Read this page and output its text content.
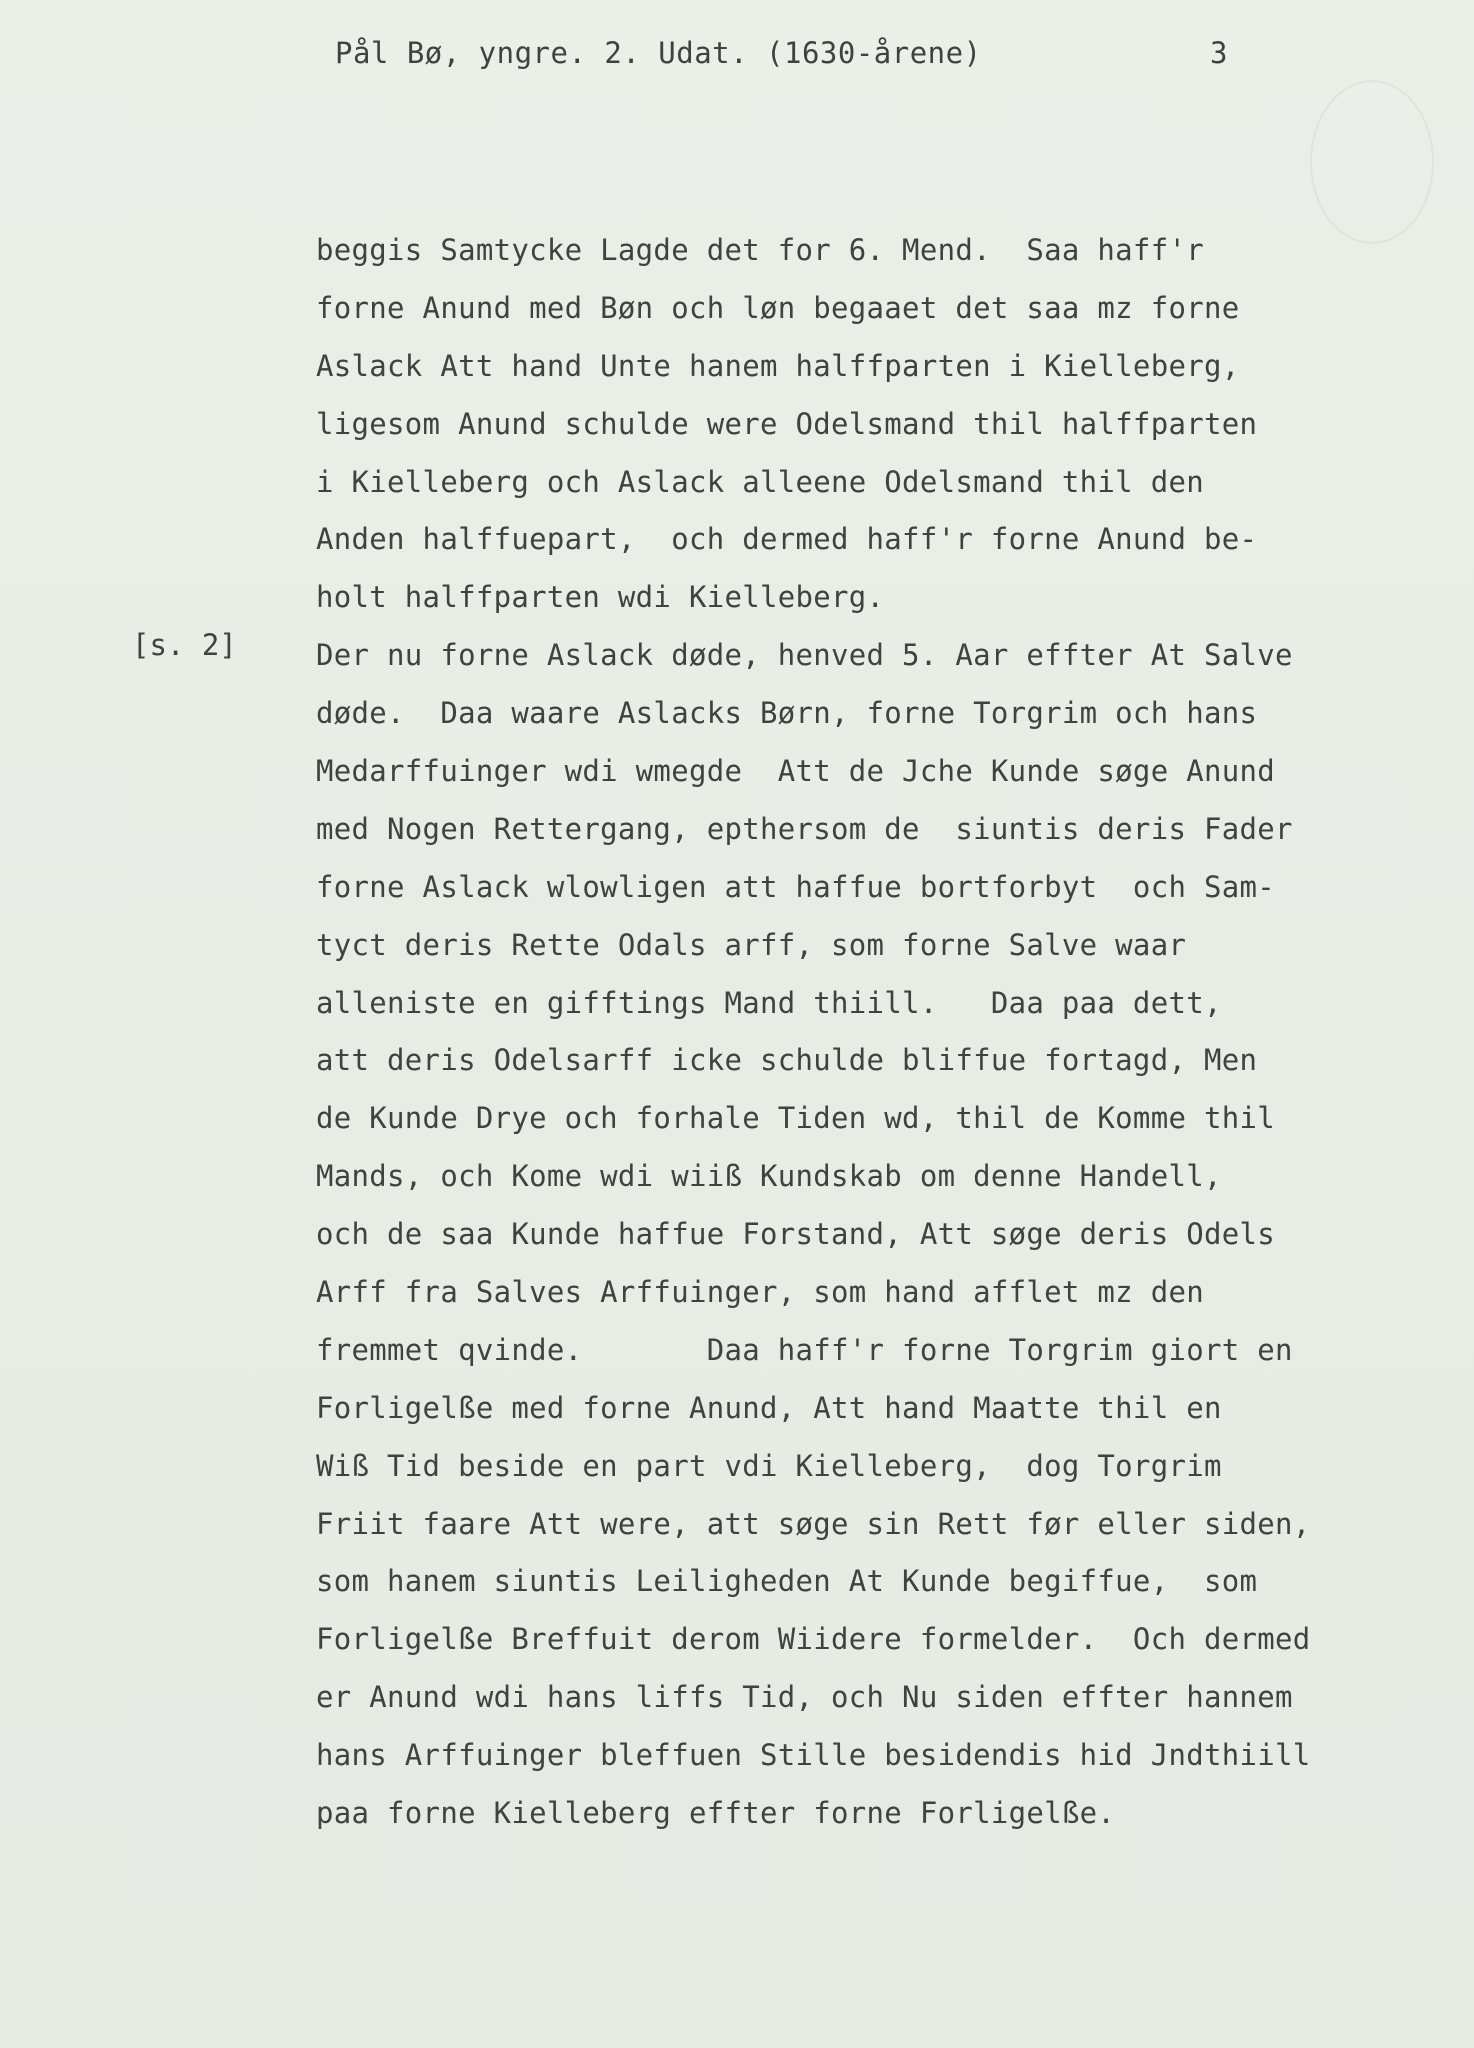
Pål Bø, yngre. 2. Udat. (1630-årene)	3
[s. 2]
beggis Samtycke Lagde det for 6. Mend.  Saa haff'r
forne Anund med Bøn och løn begaaet det saa mz forne
Aslack Att hand Unte hanem halffparten i Kielleberg,
ligesom Anund schulde were Odelsmand thil halffparten
i Kielleberg och Aslack alleene Odelsmand thil den
Anden halffuepart,  och dermed haff'r forne Anund be-
holt halffparten wdi Kielleberg.
Der nu forne Aslack døde, henved 5. Aar effter At Salve
døde.  Daa waare Aslacks Børn, forne Torgrim och hans
Medarffuinger wdi wmegde  Att de Jche Kunde søge Anund
med Nogen Rettergang, epthersom de  siuntis deris Fader
forne Aslack wlowligen att haffue bortforbyt  och Sam-
tyct deris Rette Odals arff, som forne Salve waar
alleniste en gifftings Mand thiill.   Daa paa dett,
att deris Odelsarff icke schulde bliffue fortagd, Men
de Kunde Drye och forhale Tiden wd, thil de Komme thil
Mands, och Kome wdi wiiß Kundskab om denne Handell,
och de saa Kunde haffue Forstand, Att søge deris Odels
Arff fra Salves Arffuinger, som hand afflet mz den
fremmet qvinde.       Daa haff'r forne Torgrim giort en
Forligelße med forne Anund, Att hand Maatte thil en
Wiß Tid beside en part vdi Kielleberg,  dog Torgrim
Friit faare Att were, att søge sin Rett før eller siden,
som hanem siuntis Leiligheden At Kunde begiffue,  som
Forligelße Breffuit derom Wiidere formelder.  Och dermed
er Anund wdi hans liffs Tid, och Nu siden effter hannem
hans Arffuinger bleffuen Stille besidendis hid Jndthiill
paa forne Kielleberg effter forne Forligelße.
